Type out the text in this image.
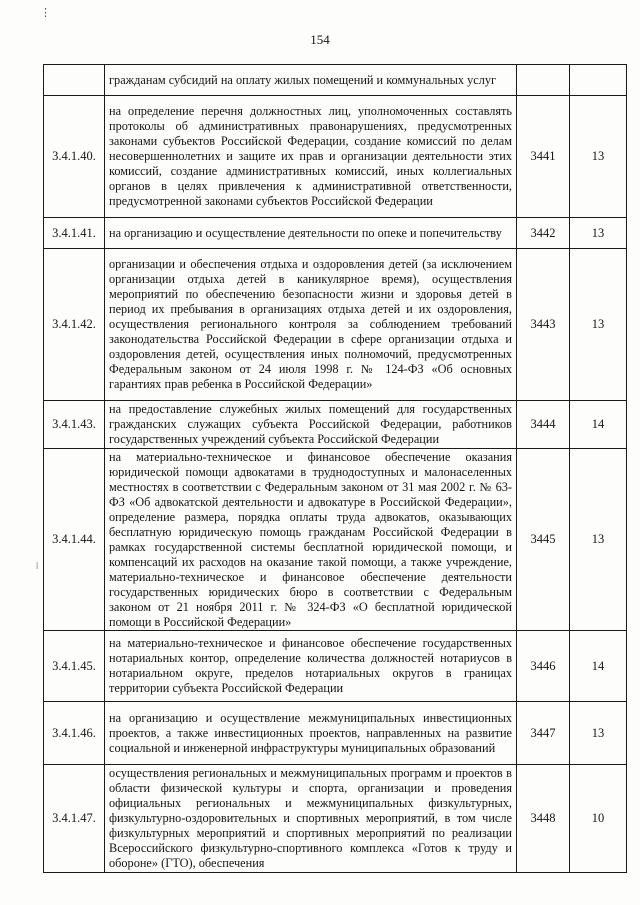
154
⋮
ǀ
	гражданам субсидий на оплату жилых помещений и коммунальных услуг		
3.4.1.40.	на определение перечня должностных лиц, уполномоченных составлять протоколы об административных правонарушениях, предусмотренных законами субъектов Российской Федерации, создание комиссий по делам несовершеннолетних и защите их прав и организации деятельности этих комиссий, создание административных комиссий, иных коллегиальных органов в целях привлечения к административной ответственности, предусмотренной законами субъектов Российской Федерации	3441	13
3.4.1.41.	на организацию и осуществление деятельности по опеке и попечительству	3442	13
3.4.1.42.	организации и обеспечения отдыха и оздоровления детей (за исключением организации отдыха детей в каникулярное время), осуществления мероприятий по обеспечению безопасности жизни и здоровья детей в период их пребывания в организациях отдыха детей и их оздоровления, осуществления регионального контроля за соблюдением требований законодательства Российской Федерации в сфере организации отдыха и оздоровления детей, осуществления иных полномочий, предусмотренных Федеральным законом от 24 июля 1998 г. № 124-ФЗ «Об основных гарантиях прав ребенка в Российской Федерации»	3443	13
3.4.1.43.	на предоставление служебных жилых помещений для государственных гражданских служащих субъекта Российской Федерации, работников государственных учреждений субъекта Российской Федерации	3444	14
3.4.1.44.	на материально-техническое и финансовое обеспечение оказания юридической помощи адвокатами в труднодоступных и малонаселенных местностях в соответствии с Федеральным законом от 31 мая 2002 г. № 63-ФЗ «Об адвокатской деятельности и адвокатуре в Российской Федерации», определение размера, порядка оплаты труда адвокатов, оказывающих бесплатную юридическую помощь гражданам Российской Федерации в рамках государственной системы бесплатной юридической помощи, и компенсаций их расходов на оказание такой помощи, а также учреждение, материально-техническое и финансовое обеспечение деятельности государственных юридических бюро в соответствии с Федеральным законом от 21 ноября 2011 г. № 324-ФЗ «О бесплатной юридической помощи в Российской Федерации»	3445	13
3.4.1.45.	на материально-техническое и финансовое обеспечение государственных нотариальных контор, определение количества должностей нотариусов в нотариальном округе, пределов нотариальных округов в границах территории субъекта Российской Федерации	3446	14
3.4.1.46.	на организацию и осуществление межмуниципальных инвестиционных проектов, а также инвестиционных проектов, направленных на развитие социальной и инженерной инфраструктуры муниципальных образований	3447	13
3.4.1.47.	осуществления региональных и межмуниципальных программ и проектов в области физической культуры и спорта, организации и проведения официальных региональных и межмуниципальных физкультурных, физкультурно-оздоровительных и спортивных мероприятий, в том числе физкультурных мероприятий и спортивных мероприятий по реализации Всероссийского физкультурно-спортивного комплекса «Готов к труду и обороне» (ГТО), обеспечения	3448	10
